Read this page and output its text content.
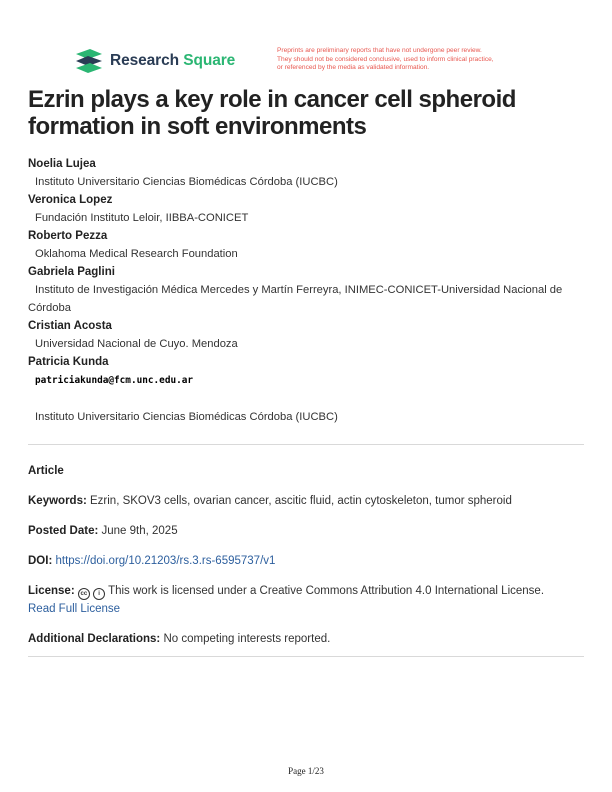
Research Square
Preprints are preliminary reports that have not undergone peer review.
They should not be considered conclusive, used to inform clinical practice,
or referenced by the media as validated information.
Ezrin plays a key role in cancer cell spheroid formation in soft environments
Noelia Lujea
Instituto Universitario Ciencias Biomédicas Córdoba (IUCBC)
Veronica Lopez
Fundación Instituto Leloir, IIBBA-CONICET
Roberto Pezza
Oklahoma Medical Research Foundation
Gabriela Paglini
Instituto de Investigación Médica Mercedes y Martín Ferreyra, INIMEC-CONICET-Universidad Nacional de Córdoba
Cristian Acosta
Universidad Nacional de Cuyo. Mendoza
Patricia Kunda
patriciakunda@fcm.unc.edu.ar
Instituto Universitario Ciencias Biomédicas Córdoba (IUCBC)
Article
Keywords: Ezrin, SKOV3 cells, ovarian cancer, ascitic fluid, actin cytoskeleton, tumor spheroid
Posted Date: June 9th, 2025
DOI: https://doi.org/10.21203/rs.3.rs-6595737/v1
License: cc i This work is licensed under a Creative Commons Attribution 4.0 International License.
Read Full License
Additional Declarations: No competing interests reported.
Page 1/23
